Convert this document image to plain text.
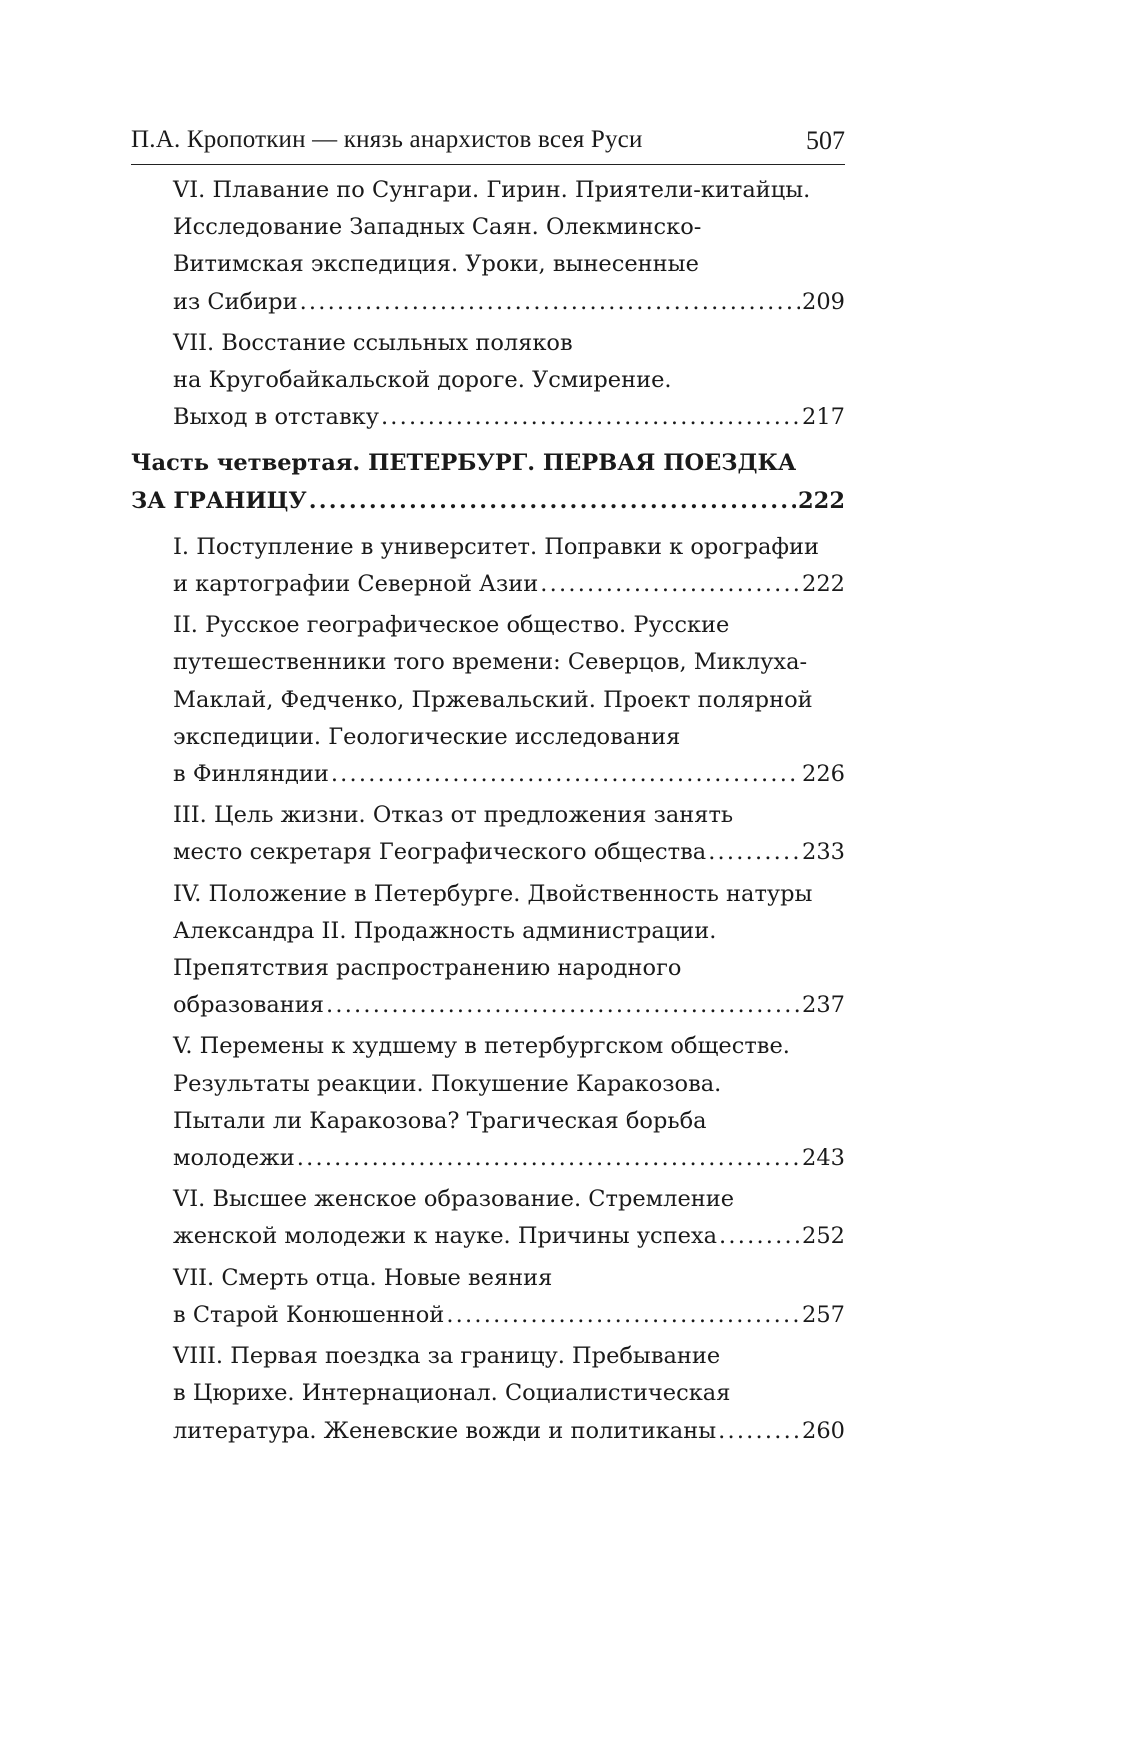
П.А. Кропоткин — князь анархистов всея Руси	507
VI. Плавание по Сунгари. Гирин. Приятели-китайцы.
Исследование Западных Саян. Олекминско-
Витимская экспедиция. Уроки, вынесенные
из Сибири .....	209
VII. Восстание ссыльных поляков
на Кругобайкальской дороге. Усмирение.
Выход в отставку .....	217
Часть четвертая. ПЕТЕРБУРГ. ПЕРВАЯ ПОЕЗДКА
ЗА ГРАНИЦУ .....	222
I. Поступление в университет. Поправки к орографии
и картографии Северной Азии .....	222
II. Русское географическое общество. Русские
путешественники того времени: Северцов, Миклуха-
Маклай, Федченко, Пржевальский. Проект полярной
экспедиции. Геологические исследования
в Финляндии .....	226
III. Цель жизни. Отказ от предложения занять
место секретаря Географического общества .....	233
IV. Положение в Петербурге. Двойственность натуры
Александра II. Продажность администрации.
Препятствия распространению народного
образования .....	237
V. Перемены к худшему в петербургском обществе.
Результаты реакции. Покушение Каракозова.
Пытали ли Каракозова? Трагическая борьба
молодежи .....	243
VI. Высшее женское образование. Стремление
женской молодежи к науке. Причины успеха .....	252
VII. Смерть отца. Новые веяния
в Старой Конюшенной .....	257
VIII. Первая поездка за границу. Пребывание
в Цюрихе. Интернационал. Социалистическая
литература. Женевские вожди и политиканы .....	260
